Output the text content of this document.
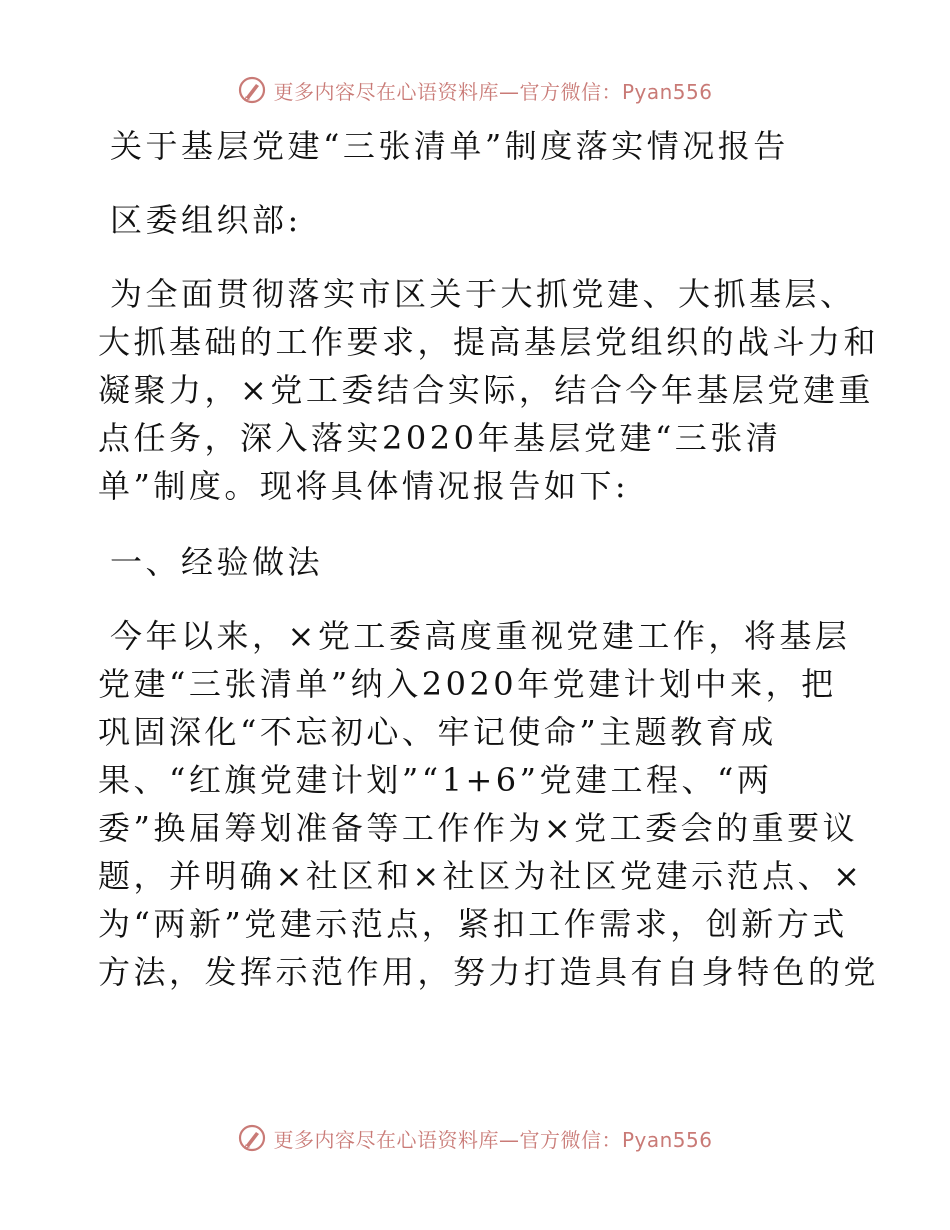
更多内容尽在心语资料库—官方微信：Pyan556
关于基层党建“三张清单”制度落实情况报告
区委组织部:
为全面贯彻落实市区关于大抓党建、大抓基层、
大抓基础的工作要求，提高基层党组织的战斗力和
凝聚力，×党工委结合实际，结合今年基层党建重
点任务，深入落实2020年基层党建“三张清
单”制度。现将具体情况报告如下:
一、经验做法
今年以来，×党工委高度重视党建工作，将基层
党建“三张清单”纳入2020年党建计划中来，把
巩固深化“不忘初心、牢记使命”主题教育成
果、“红旗党建计划”“1+6”党建工程、“两
委”换届筹划准备等工作作为×党工委会的重要议
题，并明确×社区和×社区为社区党建示范点、×
为“两新”党建示范点，紧扣工作需求，创新方式
方法，发挥示范作用，努力打造具有自身特色的党
更多内容尽在心语资料库—官方微信：Pyan556
